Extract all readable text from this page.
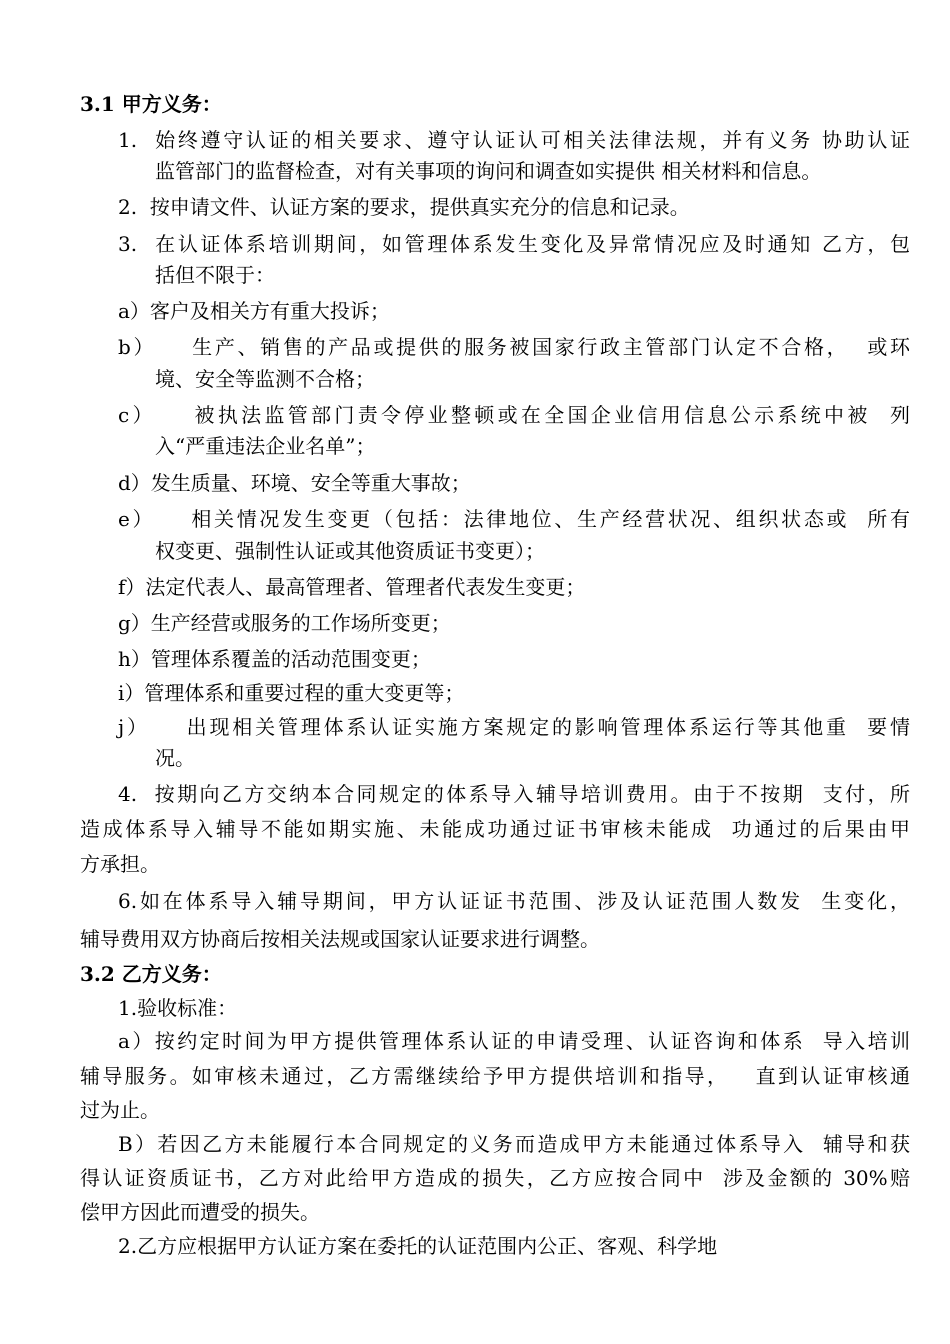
3.1 甲方义务：
1.  始终遵守认证的相关要求、遵守认证认可相关法律法规，并有义务 协助认证
监管部门的监督检查，对有关事项的询问和调查如实提供 相关材料和信息。
2.  按申请文件、认证方案的要求，提供真实充分的信息和记录。
3.  在认证体系培训期间，如管理体系发生变化及异常情况应及时通知 乙方，包
括但不限于：
a）客户及相关方有重大投诉；
b）    生产、销售的产品或提供的服务被国家行政主管部门认定不合格，  或环
境、安全等监测不合格；
c）    被执法监管部门责令停业整顿或在全国企业信用信息公示系统中被  列
入“严重违法企业名单”；
d）发生质量、环境、安全等重大事故；
e）    相关情况发生变更（包括：法律地位、生产经营状况、组织状态或  所有
权变更、强制性认证或其他资质证书变更）；
f）法定代表人、最高管理者、管理者代表发生变更；
g）生产经营或服务的工作场所变更；
h）管理体系覆盖的活动范围变更；
i）管理体系和重要过程的重大变更等；
j）    出现相关管理体系认证实施方案规定的影响管理体系运行等其他重  要情
况。
4.  按期向乙方交纳本合同规定的体系导入辅导培训费用。由于不按期  支付，所
造成体系导入辅导不能如期实施、未能成功通过证书审核未能成  功通过的后果由甲
方承担。
6.如在体系导入辅导期间，甲方认证证书范围、涉及认证范围人数发  生变化，
辅导费用双方协商后按相关法规或国家认证要求进行调整。
3.2 乙方义务：
1.验收标准：
a）按约定时间为甲方提供管理体系认证的申请受理、认证咨询和体系  导入培训
辅导服务。如审核未通过，乙方需继续给予甲方提供培训和指导，   直到认证审核通
过为止。
B）若因乙方未能履行本合同规定的义务而造成甲方未能通过体系导入  辅导和获
得认证资质证书，乙方对此给甲方造成的损失，乙方应按合同中  涉及金额的 30%赔
偿甲方因此而遭受的损失。
2.乙方应根据甲方认证方案在委托的认证范围内公正、客观、科学地
